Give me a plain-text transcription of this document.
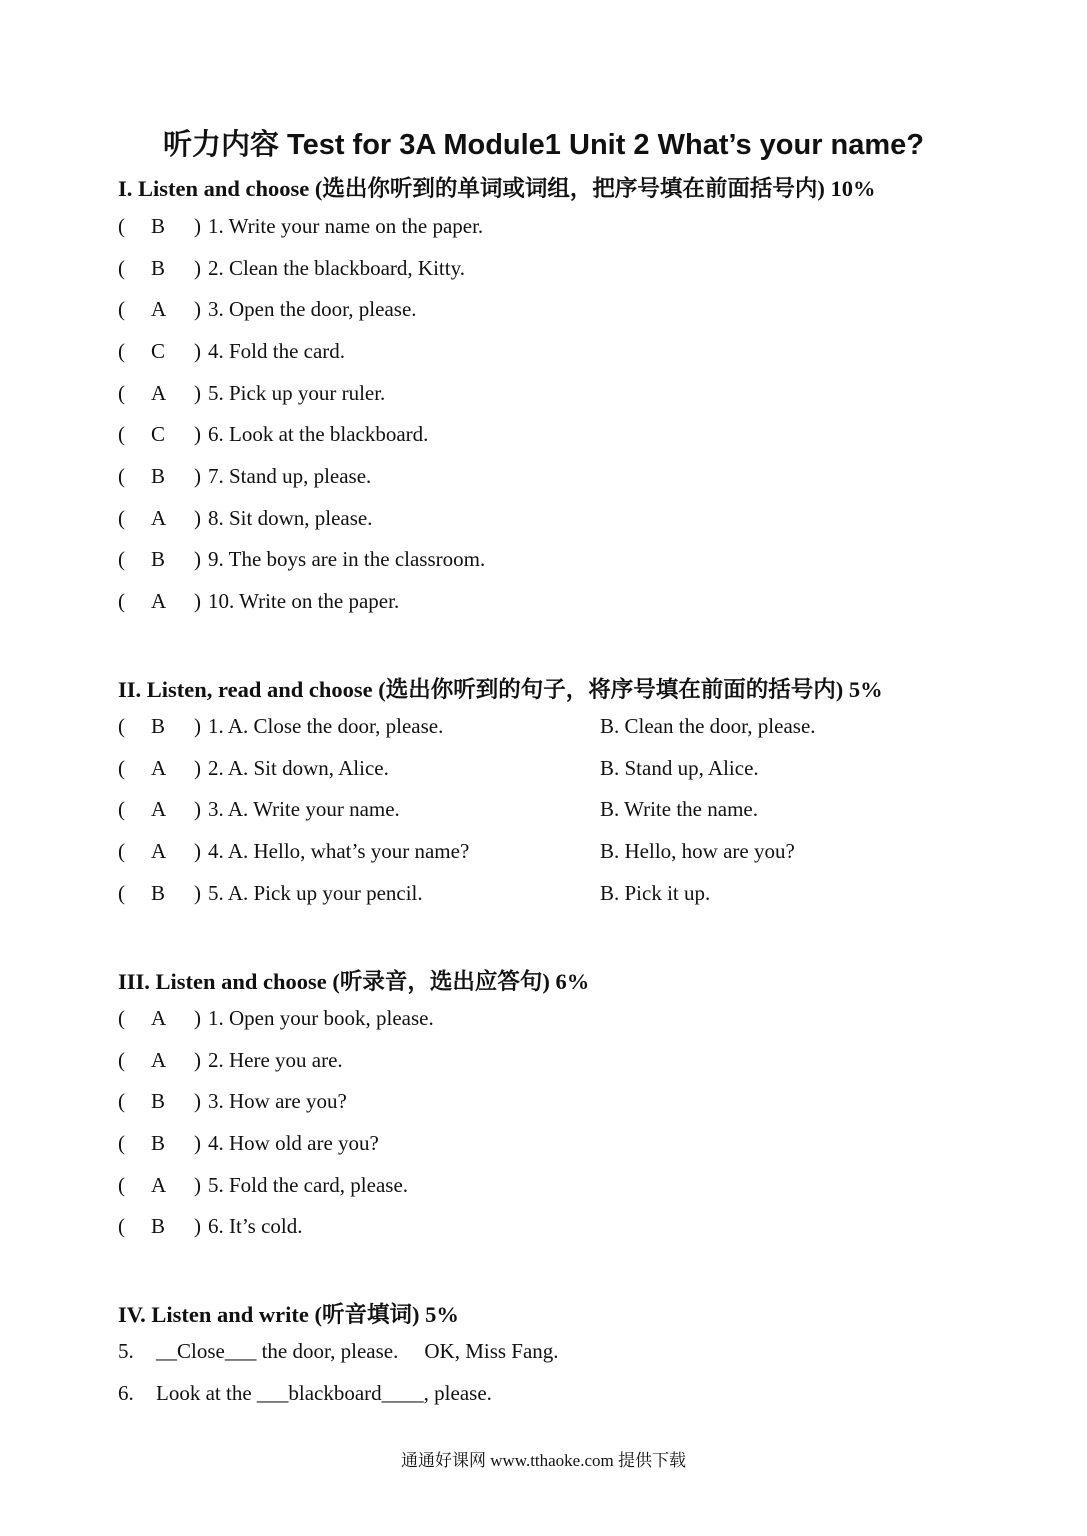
听力内容 Test for 3A Module1 Unit 2 What’s your name?
I. Listen and choose (选出你听到的单词或词组，把序号填在前面括号内) 10%
( B ) 1. Write your name on the paper.
( B ) 2. Clean the blackboard, Kitty.
( A ) 3. Open the door, please.
( C ) 4. Fold the card.
( A ) 5. Pick up your ruler.
( C ) 6. Look at the blackboard.
( B ) 7. Stand up, please.
( A ) 8. Sit down, please.
( B ) 9. The boys are in the classroom.
( A ) 10. Write on the paper.
II. Listen, read and choose (选出你听到的句子，将序号填在前面的括号内) 5%
( B ) 1. A. Close the door, please.	B. Clean the door, please.
( A ) 2. A. Sit down, Alice.	B. Stand up, Alice.
( A ) 3. A. Write your name.	B. Write the name.
( A ) 4. A. Hello, what’s your name?	B. Hello, how are you?
( B ) 5. A. Pick up your pencil.	B. Pick it up.
III. Listen and choose (听录音，选出应答句) 6%
( A ) 1. Open your book, please.
( A ) 2. Here you are.
( B ) 3. How are you?
( B ) 4. How old are you?
( A ) 5. Fold the card, please.
( B ) 6. It’s cold.
IV. Listen and write (听音填词) 5%
5. __Close___ the door, please. OK, Miss Fang.
6. Look at the ___blackboard____, please.
通通好课网 www.tthaoke.com 提供下载
